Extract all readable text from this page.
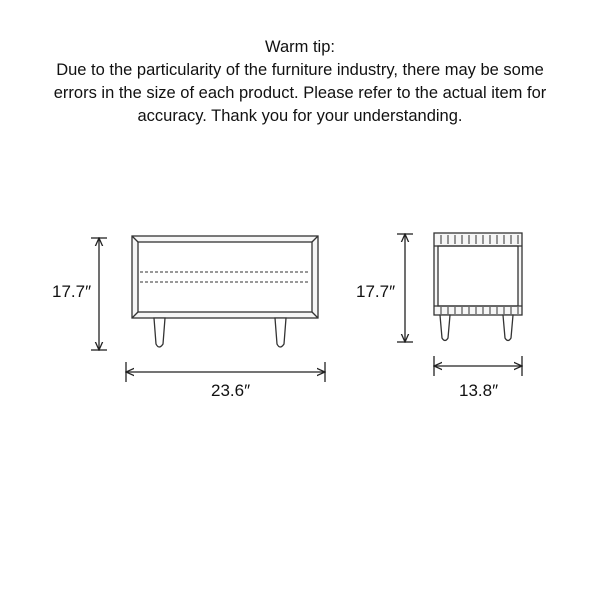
Warm tip:
Due to the particularity of the furniture industry, there may be some
errors in the size of each product. Please refer to the actual item for
accuracy. Thank you for your understanding.
17.7″
23.6″
17.7″
13.8″
